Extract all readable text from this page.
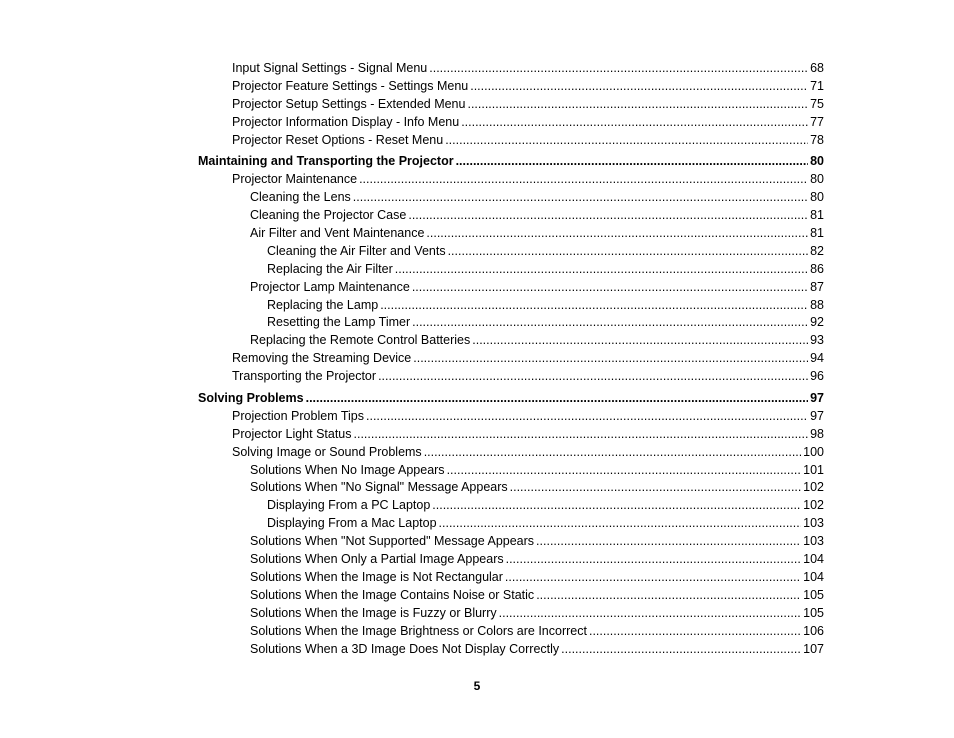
Input Signal Settings - Signal Menu .....	68
Projector Feature Settings - Settings Menu .....	71
Projector Setup Settings - Extended Menu .....	75
Projector Information Display - Info Menu .....	77
Projector Reset Options - Reset Menu .....	78
Maintaining and Transporting the Projector .....	80
Projector Maintenance .....	80
Cleaning the Lens .....	80
Cleaning the Projector Case .....	81
Air Filter and Vent Maintenance .....	81
Cleaning the Air Filter and Vents .....	82
Replacing the Air Filter .....	86
Projector Lamp Maintenance .....	87
Replacing the Lamp .....	88
Resetting the Lamp Timer .....	92
Replacing the Remote Control Batteries .....	93
Removing the Streaming Device .....	94
Transporting the Projector .....	96
Solving Problems .....	97
Projection Problem Tips .....	97
Projector Light Status .....	98
Solving Image or Sound Problems .....	100
Solutions When No Image Appears .....	101
Solutions When "No Signal" Message Appears .....	102
Displaying From a PC Laptop .....	102
Displaying From a Mac Laptop .....	103
Solutions When "Not Supported" Message Appears .....	103
Solutions When Only a Partial Image Appears .....	104
Solutions When the Image is Not Rectangular .....	104
Solutions When the Image Contains Noise or Static .....	105
Solutions When the Image is Fuzzy or Blurry .....	105
Solutions When the Image Brightness or Colors are Incorrect .....	106
Solutions When a 3D Image Does Not Display Correctly .....	107
5
